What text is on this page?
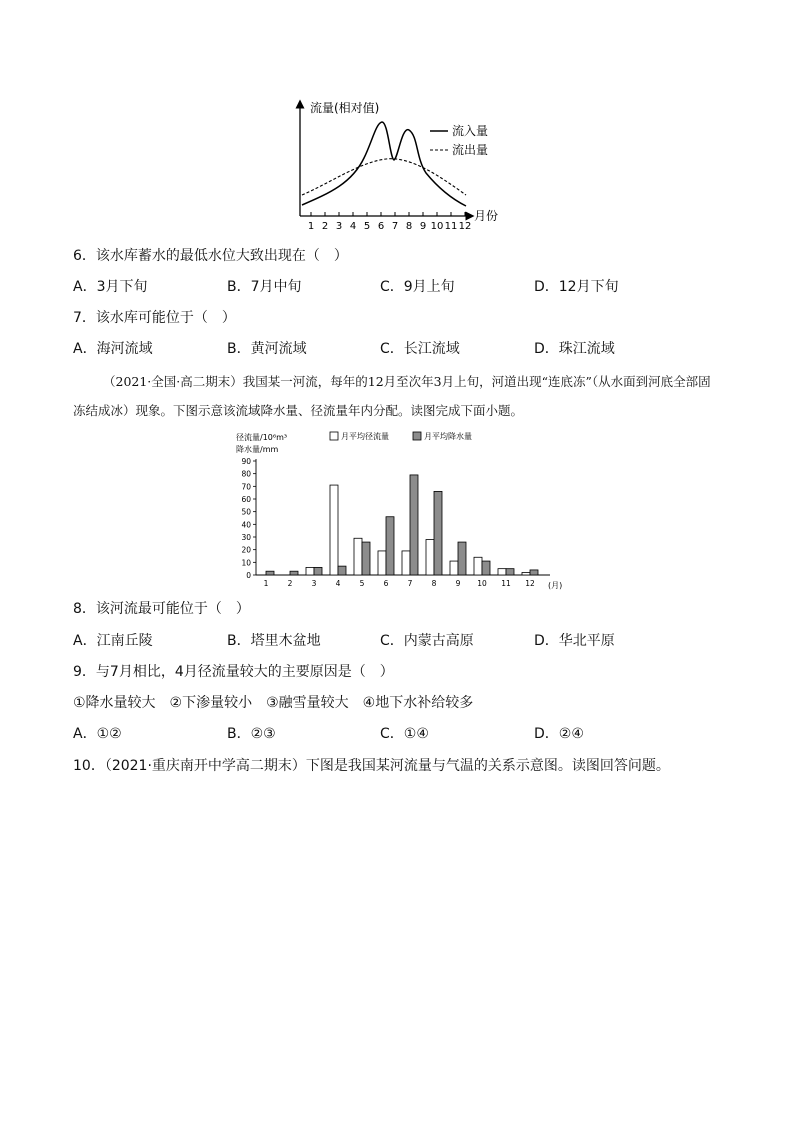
1 2 3 4 5 6 7 8 9 10 11 12
流量(相对值)
流入量
流出量
月份
6．该水库蓄水的最低水位大致出现在（　）
A．3月下旬	B．7月中旬	C．9月上旬	D．12月下旬
7．该水库可能位于（　）
A．海河流域	B．黄河流域	C．长江流域	D．珠江流域
（2021·全国·高二期末）我国某一河流，每年的12月至次年3月上旬，河道出现“连底冻”（从水面到河底全部固冻结成冰）现象。下图示意该流域降水量、径流量年内分配。读图完成下面小题。
径流量/10⁶m³
降水量/mm
月平均径流量	月平均降水量
0
10
20
30
40
50
60
70
80
90
1	2	3	4	5	6	7	8	9 10 11 12 (月)
8．该河流最可能位于（　）
A．江南丘陵	B．塔里木盆地	C．内蒙古高原	D．华北平原
9．与7月相比，4月径流量较大的主要原因是（　）
①降水量较大　②下渗量较小　③融雪量较大　④地下水补给较多
A．①②	B．②③	C．①④	D．②④
10．（2021·重庆南开中学高二期末）下图是我国某河流量与气温的关系示意图。读图回答问题。
